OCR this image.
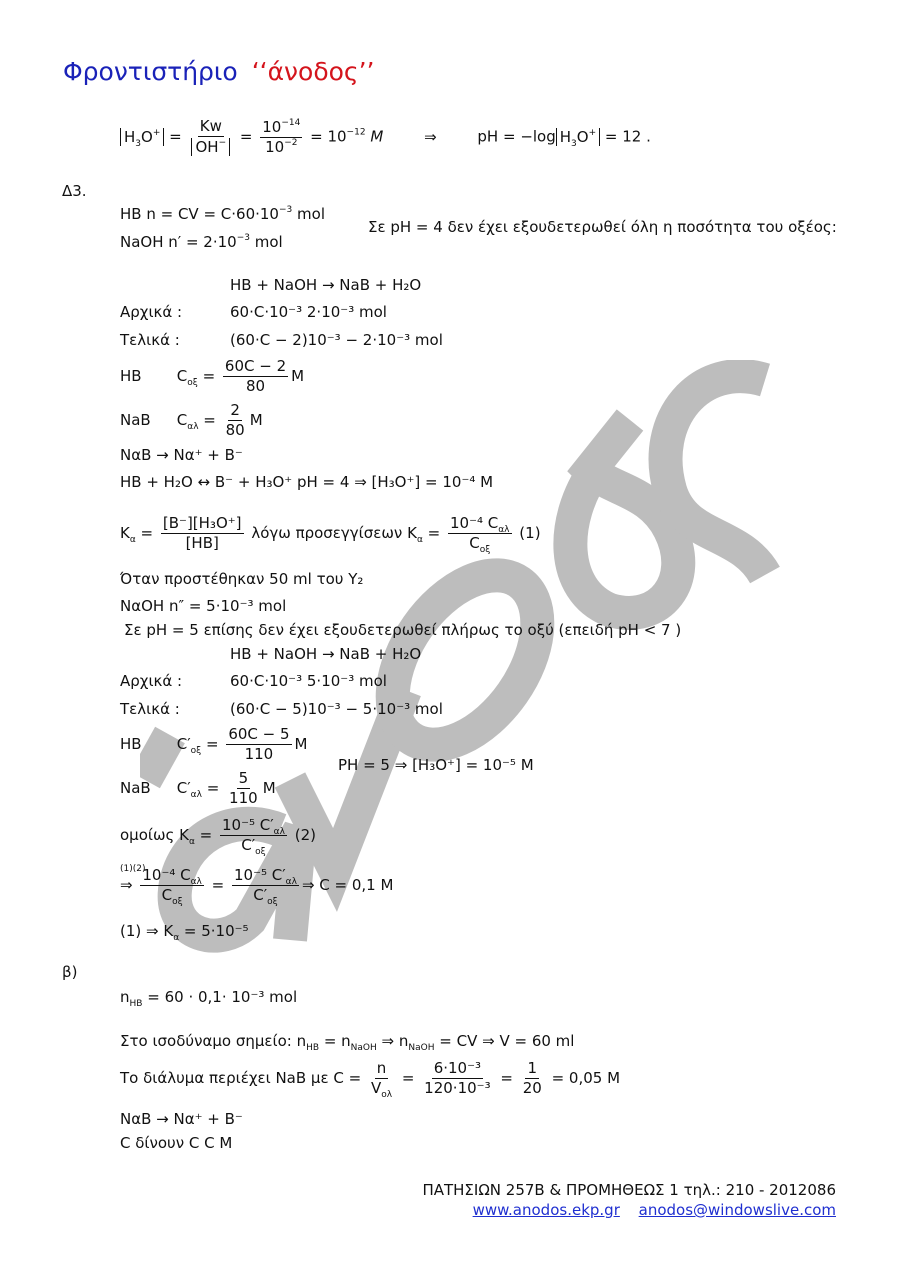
Φροντιστήριο ‘‘άνοδος’’
$H_3O^+ = \frac{Kw}{OH^-} = \frac{10^{-14}}{10^{-2}} = 10^{-12}$ M	⇒ pH = −log $H_3O^+ = 12$ .
Δ3.
HB n = CV = $C\cdot 60\cdot 10^{-3}$ mol
NaOH $n' = 2\cdot 10^{-3}$ mol
Σε pH = 4 δεν έχει εξουδετερωθεί όλη η ποσότητα του οξέος:
HB + NaOH → NaB + H₂O
Αρχικά :	60·C·10⁻³ 2·10⁻³ mol
Τελικά :	(60·C − 2)10⁻³ − 2·10⁻³ mol
HB $C_{o\xi} = \frac{60C - 2}{80}$ M
NaB $C_{\alpha\lambda} = \frac{2}{80}$ M
NαB → Nα⁺ + B⁻
HB + H₂O ↔ B⁻ + H₃O⁺ pH = 4 ⇒ [H₃O⁺] = 10⁻⁴ M
$K_\alpha = \frac{\text{[B⁻][H₃O⁺]}}{[HB]}$ λόγω προσεγγίσεων $K_\alpha = \frac{10^{-4} C_{\alpha\lambda}}{C_{o\xi}} (1)$
Όταν προστέθηκαν 50 ml του Y₂
NαOH n″ = 5·10⁻³ mol
Σε pH = 5 επίσης δεν έχει εξουδετερωθεί πλήρως το οξύ (επειδή pH < 7 )
HB + NaOH → NaB + H₂O
Αρχικά :	60·C·10⁻³ 5·10⁻³ mol
Τελικά :	(60·C − 5)10⁻³ − 5·10⁻³ mol
HB $C'_{o\xi} = \frac{60C - 5}{110}$ M
PH = 5 ⇒ [H₃O⁺] = 10⁻⁵ M
NaB $C'_{\alpha\lambda} = \frac{5}{110}$ M
ομοίως $K_\alpha = \frac{10^{-5} C'_{\alpha\lambda}}{C'_{o\xi}} (2)$
(1)(2)
⇒ $\frac{10^{-4} C_{\alpha\lambda}}{C_{o\xi}} = \frac{10^{-5} C'_{\alpha\lambda}}{C'_{o\xi}}$ ⇒ C = 0,1 M
(1) ⇒ $K_\alpha = 5\cdot 10^{-5}$
β)
$n_{HB} = 60 \cdot 0,1\cdot 10^{-3}$ mol
Στο ισοδύναμο σημείο: $n_{HB} = n_{NaOH}$ ⇒ $n_{NaOH}$ = CV ⇒ V = 60 ml
Το διάλυμα περιέχει NaB με $C = \frac{n}{V_{o\lambda}} = \frac{\text{6·10⁻³}}{\text{120·10⁻³}} = \frac{1}{20} = 0,05$ M
NαB → Nα⁺ + B⁻
C δίνουν C C M
ΠΑΤΗΣΙΩΝ 257Β & ΠΡΟΜΗΘΕΩΣ 1 τηλ.: 210 - 2012086
www.anodos.ekp.gr anodos@windowslive.com
